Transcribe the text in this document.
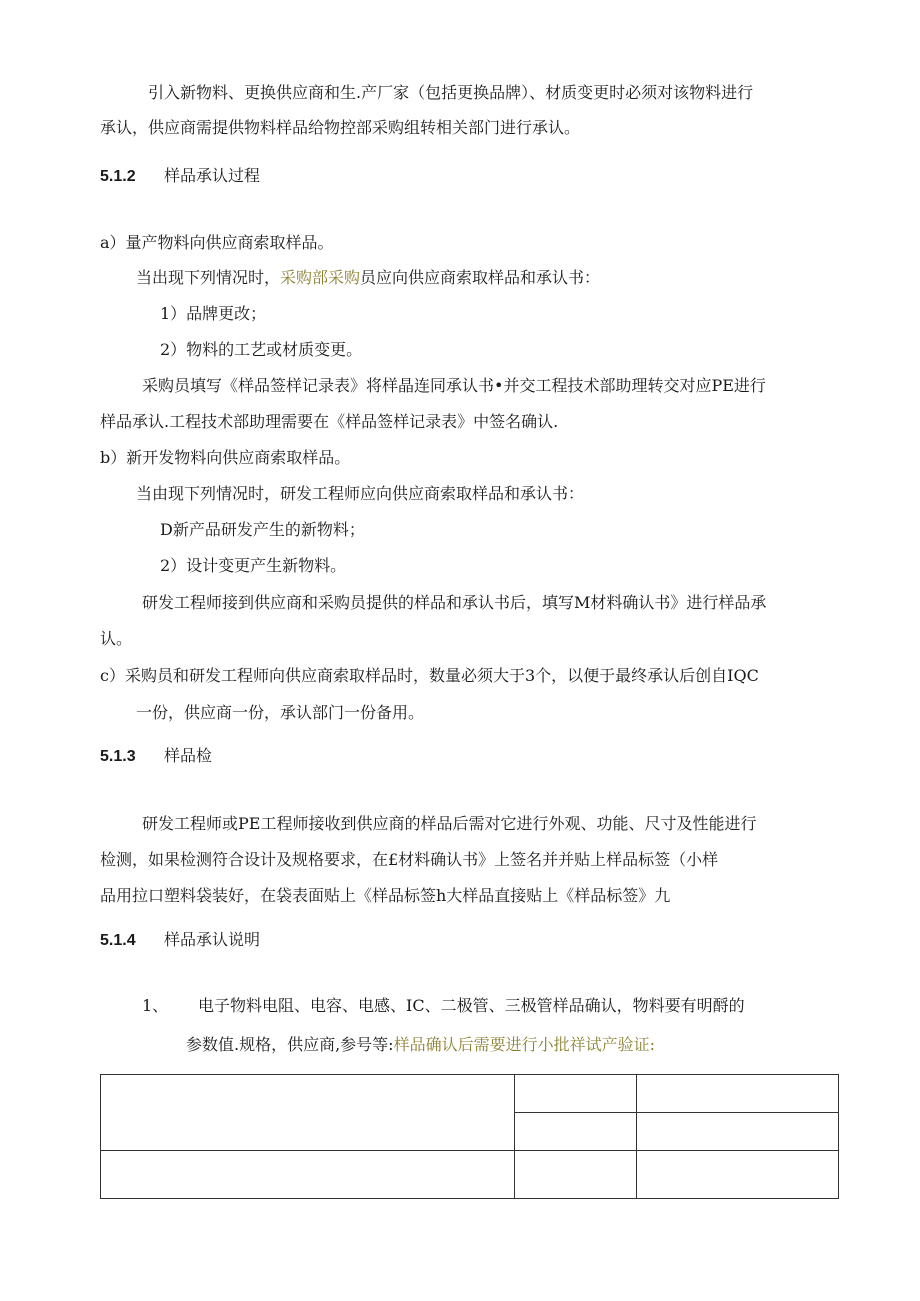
引入新物料、更换供应商和生.产厂家（包括更换品牌）、材质变更时必须对该物料进行
承认，供应商需提供物料样品给物控部采购组转相关部门进行承认。
5.1.2 样品承认过程
a）量产物料向供应商索取样品。
当出现下列情况时，采购部采购员应向供应商索取样品和承认书：
1）品牌更改；
2）物料的工艺或材质变更。
采购员填写《样品签样记录表》将样晶连同承认书•并交工程技术部助理转交对应PE进行
样品承认.工程技术部助理需要在《样品签样记录表》中签名确认.
b）新开发物料向供应商索取样品。
当由现下列情况时，研发工程师应向供应商索取样品和承认书：
D新产品研发产生的新物料；
2）设计变更产生新物料。
研发工程师接到供应商和采购员提供的样品和承认书后，填写M材料确认书》进行样品承
认。
c）采购员和研发工程师向供应商索取样品时，数量必须大于3个，以便于最终承认后创自IQC
一份，供应商一份，承认部门一份备用。
5.1.3 样品检
研发工程师或PE工程师接收到供应商的样品后需对它进行外观、功能、尺寸及性能进行
检测，如果检测符合设计及规格要求，在£材料确认书》上签名并并贴上样品标签（小样
品用拉口塑料袋装好，在袋表面贴上《样品标签h大样品直接贴上《样品标签》九
5.1.4 样品承认说明
1、 电子物料电阻、电容、电感、IC、二极管、三极管样品确认，物料要有明酹的
参数值.规格，供应商,参号等:样品确认后需要进行小批祥试产验证:
